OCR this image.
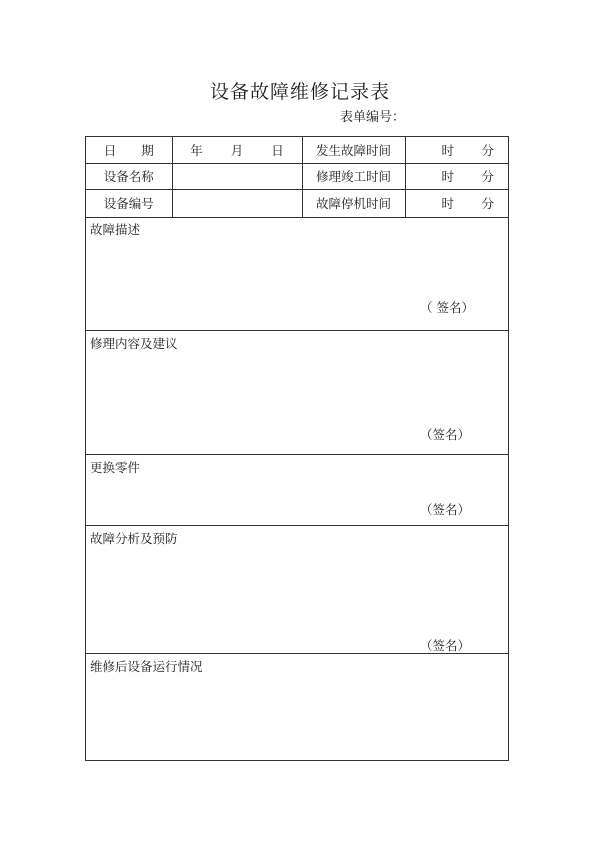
设备故障维修记录表
表单编号：
日　　期	年 月 日	发生故障时间	时 分

设备名称		修理竣工时间	时 分

设备编号		故障停机时间	时 分
故障描述
（ 签名）
修理内容及建议
（签名）
更换零件
（签名）
故障分析及预防
（签名）
维修后设备运行情况
